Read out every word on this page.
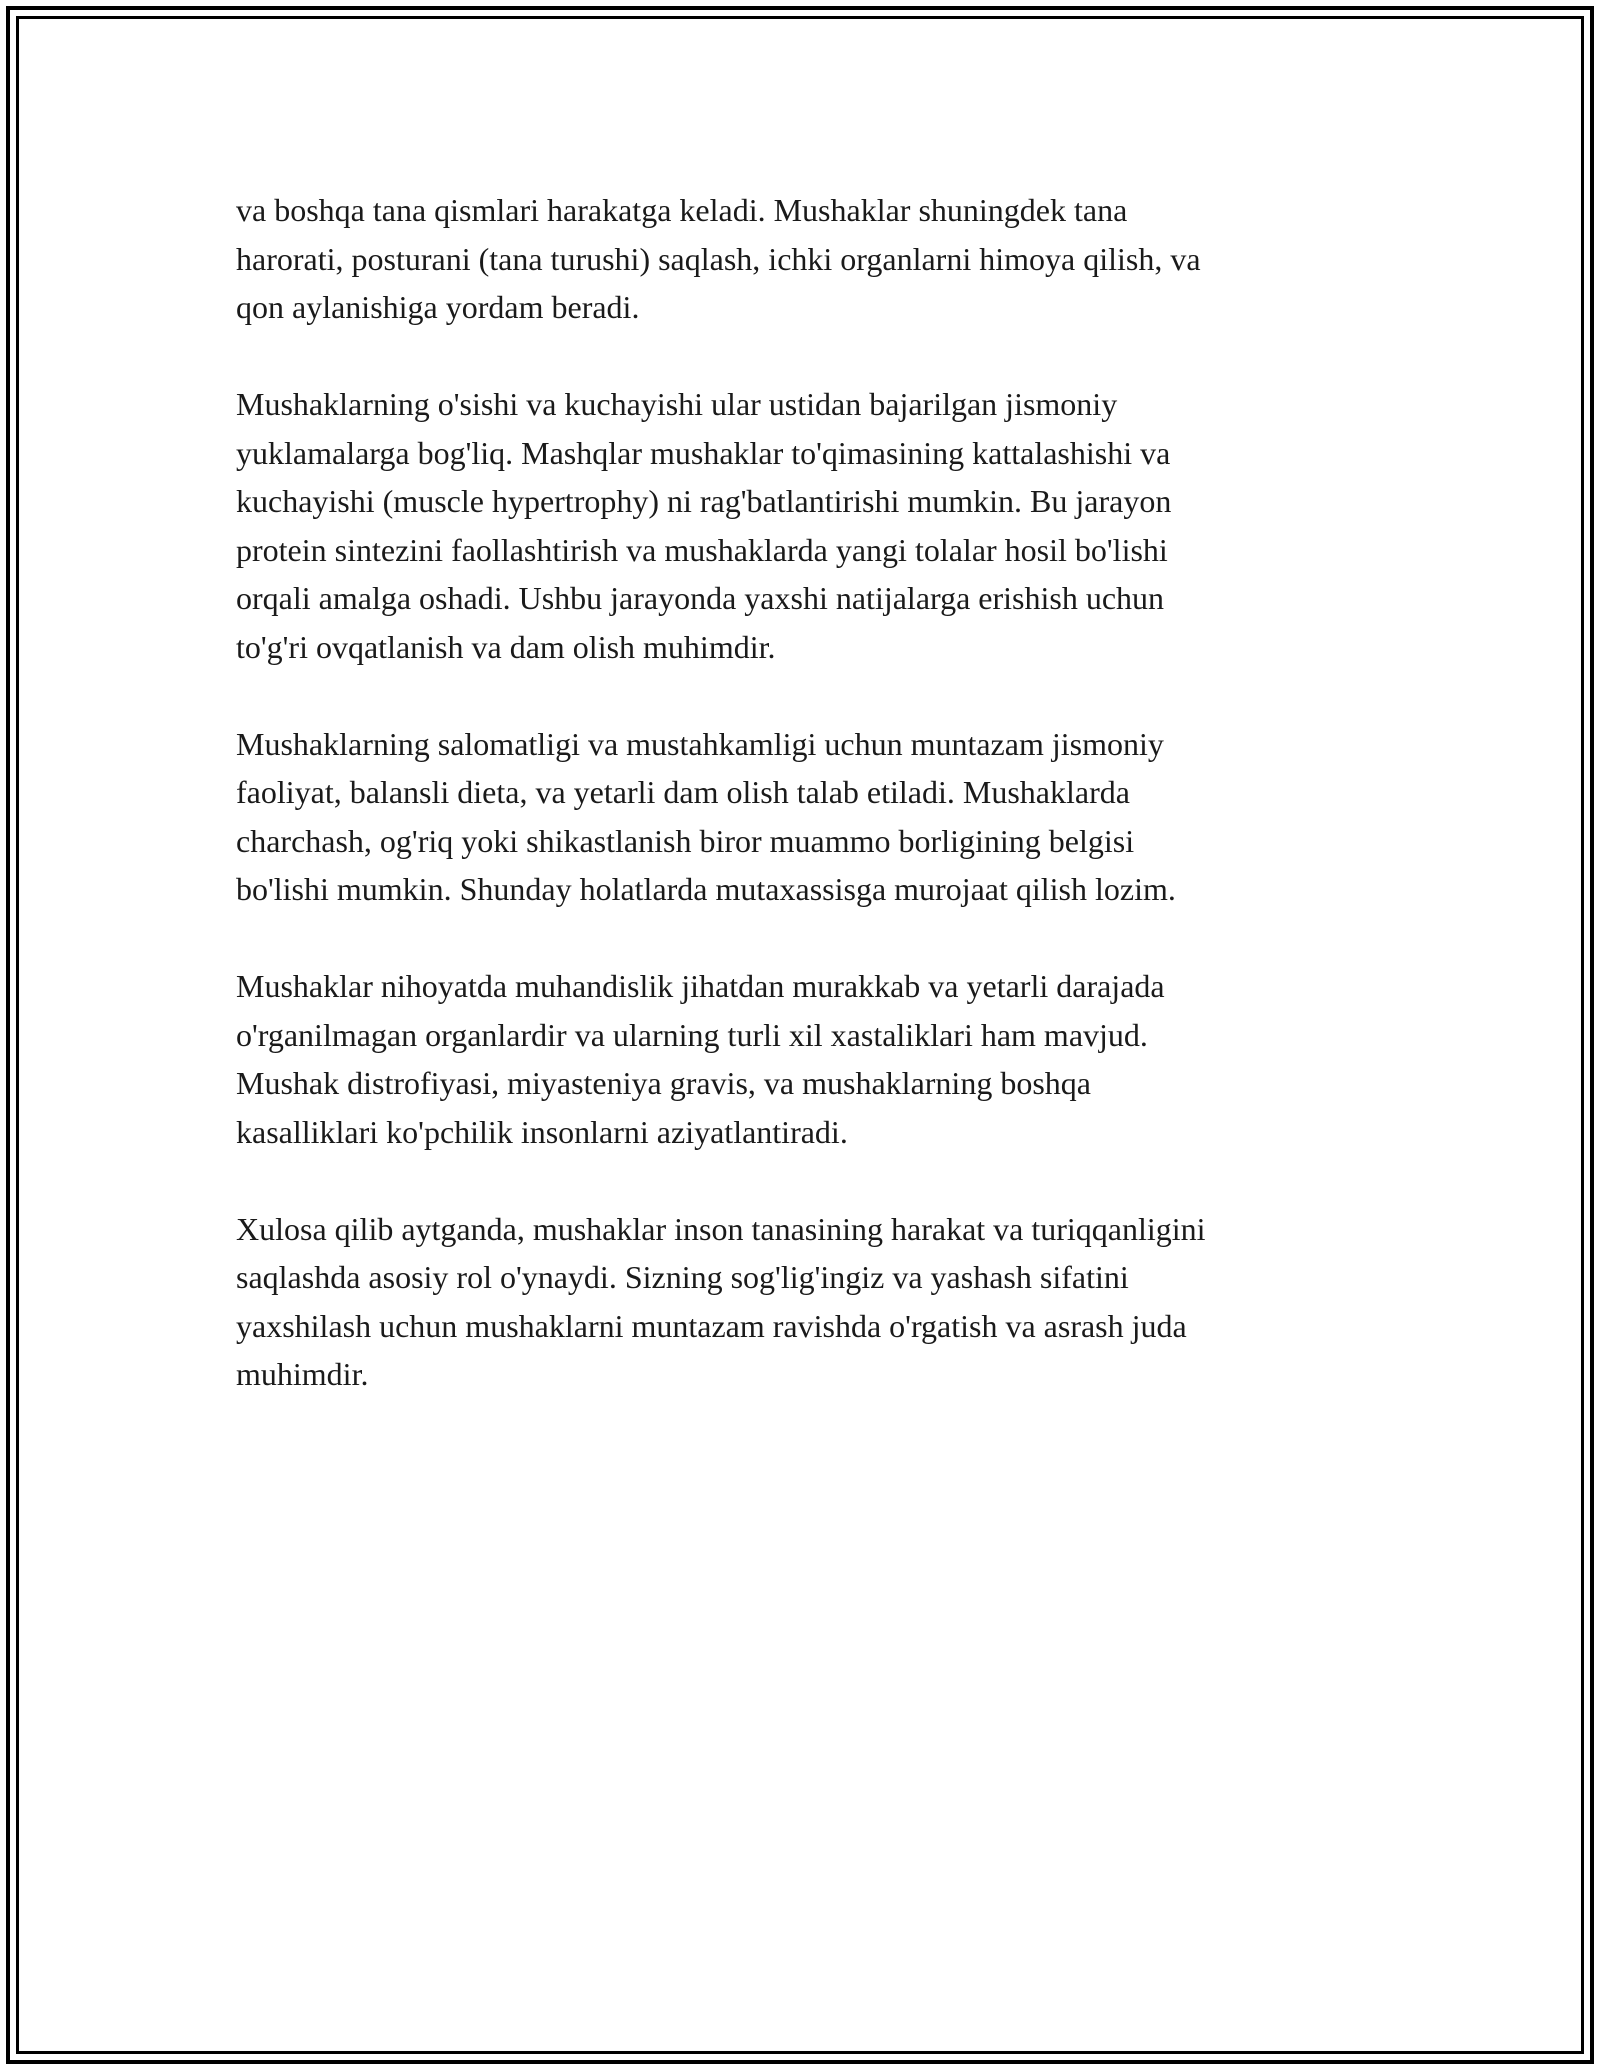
va boshqa tana qismlari harakatga keladi. Mushaklar shuningdek tana
harorati, posturani (tana turushi) saqlash, ichki organlarni himoya qilish, va
qon aylanishiga yordam beradi.

Mushaklarning o'sishi va kuchayishi ular ustidan bajarilgan jismoniy
yuklamalarga bog'liq. Mashqlar mushaklar to'qimasining kattalashishi va
kuchayishi (muscle hypertrophy) ni rag'batlantirishi mumkin. Bu jarayon
protein sintezini faollashtirish va mushaklarda yangi tolalar hosil bo'lishi
orqali amalga oshadi. Ushbu jarayonda yaxshi natijalarga erishish uchun
to'g'ri ovqatlanish va dam olish muhimdir.

Mushaklarning salomatligi va mustahkamligi uchun muntazam jismoniy
faoliyat, balansli dieta, va yetarli dam olish talab etiladi. Mushaklarda
charchash, og'riq yoki shikastlanish biror muammo borligining belgisi
bo'lishi mumkin. Shunday holatlarda mutaxassisga murojaat qilish lozim.

Mushaklar nihoyatda muhandislik jihatdan murakkab va yetarli darajada
o'rganilmagan organlardir va ularning turli xil xastaliklari ham mavjud.
Mushak distrofiyasi, miyasteniya gravis, va mushaklarning boshqa
kasalliklari ko'pchilik insonlarni aziyatlantiradi.

Xulosa qilib aytganda, mushaklar inson tanasining harakat va turiqqanligini
saqlashda asosiy rol o'ynaydi. Sizning sog'lig'ingiz va yashash sifatini
yaxshilash uchun mushaklarni muntazam ravishda o'rgatish va asrash juda
muhimdir.
